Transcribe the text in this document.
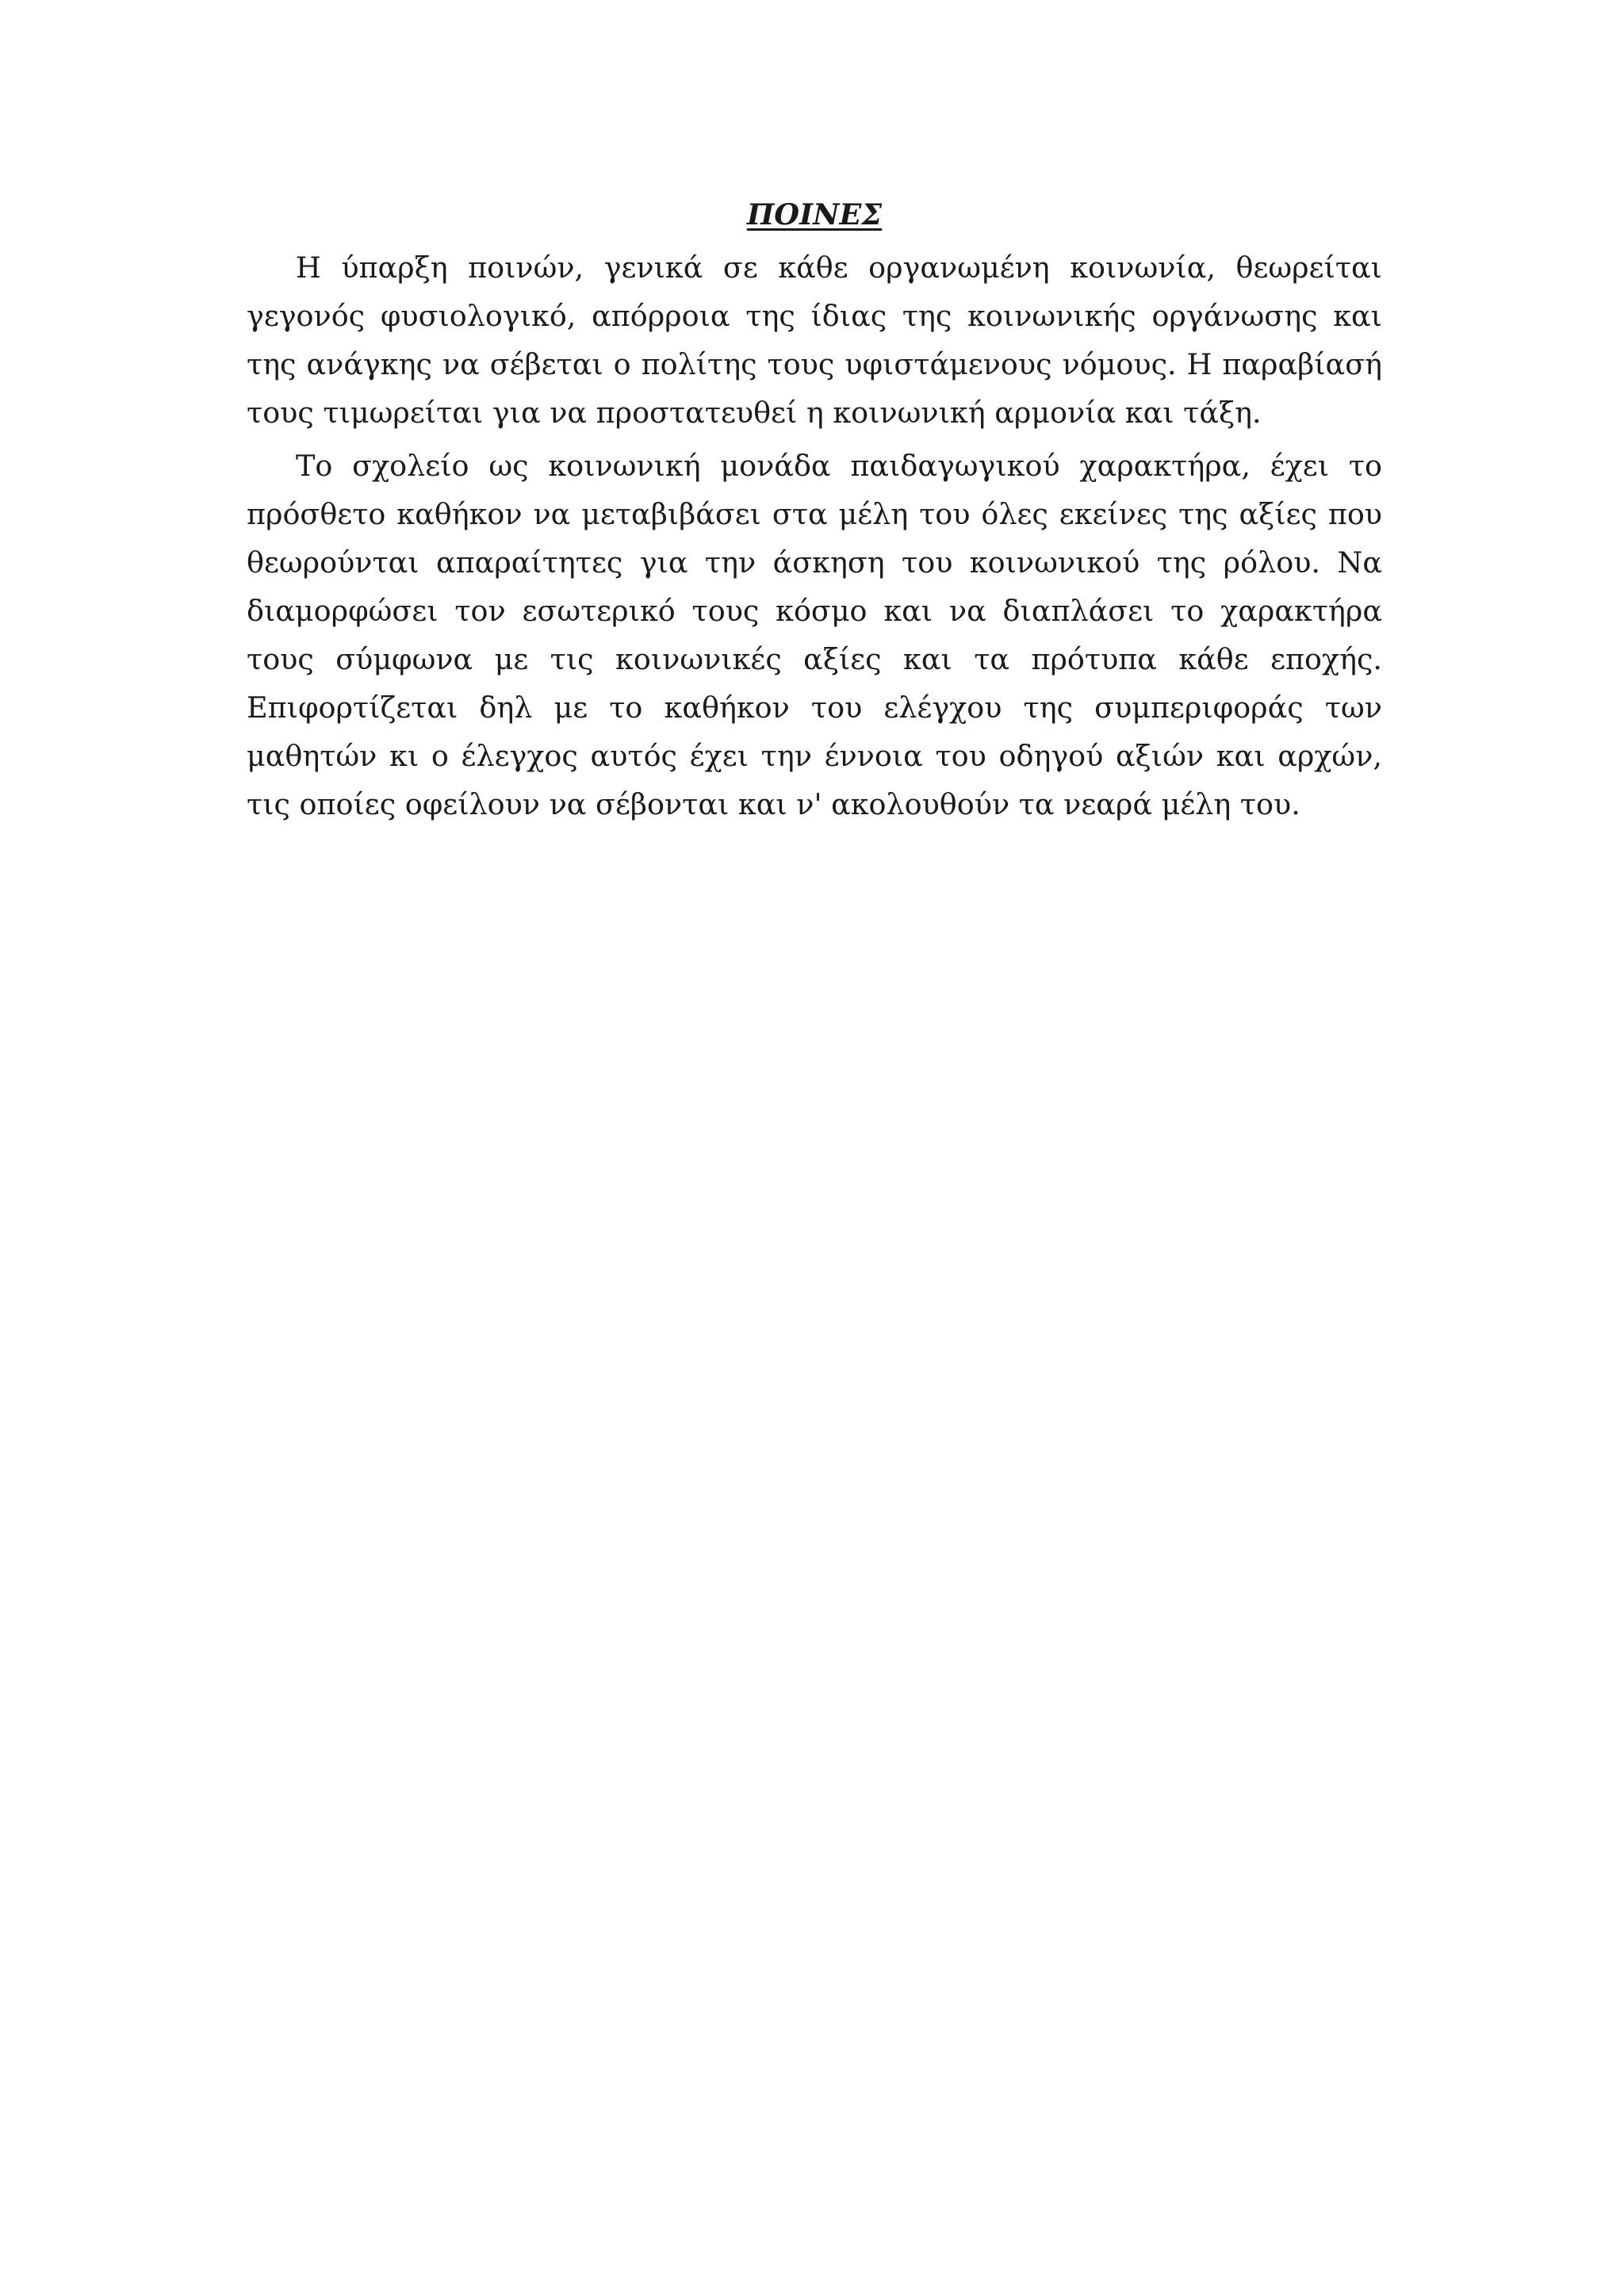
ΠΟΙΝΕΣ

Η ύπαρξη ποινών, γενικά σε κάθε οργανωμένη κοινωνία, θεωρείται γεγονός φυσιολογικό, απόρροια της ίδιας της κοινωνικής οργάνωσης και της ανάγκης να σέβεται ο πολίτης τους υφιστάμενους νόμους. Η παραβίασή τους τιμωρείται για να προστατευθεί η κοινωνική αρμονία και τάξη.

Το σχολείο ως κοινωνική μονάδα παιδαγωγικού χαρακτήρα, έχει το πρόσθετο καθήκον να μεταβιβάσει στα μέλη του όλες εκείνες της αξίες που θεωρούνται απαραίτητες για την άσκηση του κοινωνικού της ρόλου. Να διαμορφώσει τον εσωτερικό τους κόσμο και να διαπλάσει το χαρακτήρα τους σύμφωνα με τις κοινωνικές αξίες και τα πρότυπα κάθε εποχής. Επιφορτίζεται δηλ με το καθήκον του ελέγχου της συμπεριφοράς των μαθητών κι ο έλεγχος αυτός έχει την έννοια του οδηγού αξιών και αρχών, τις οποίες οφείλουν να σέβονται και ν' ακολουθούν τα νεαρά μέλη του.
